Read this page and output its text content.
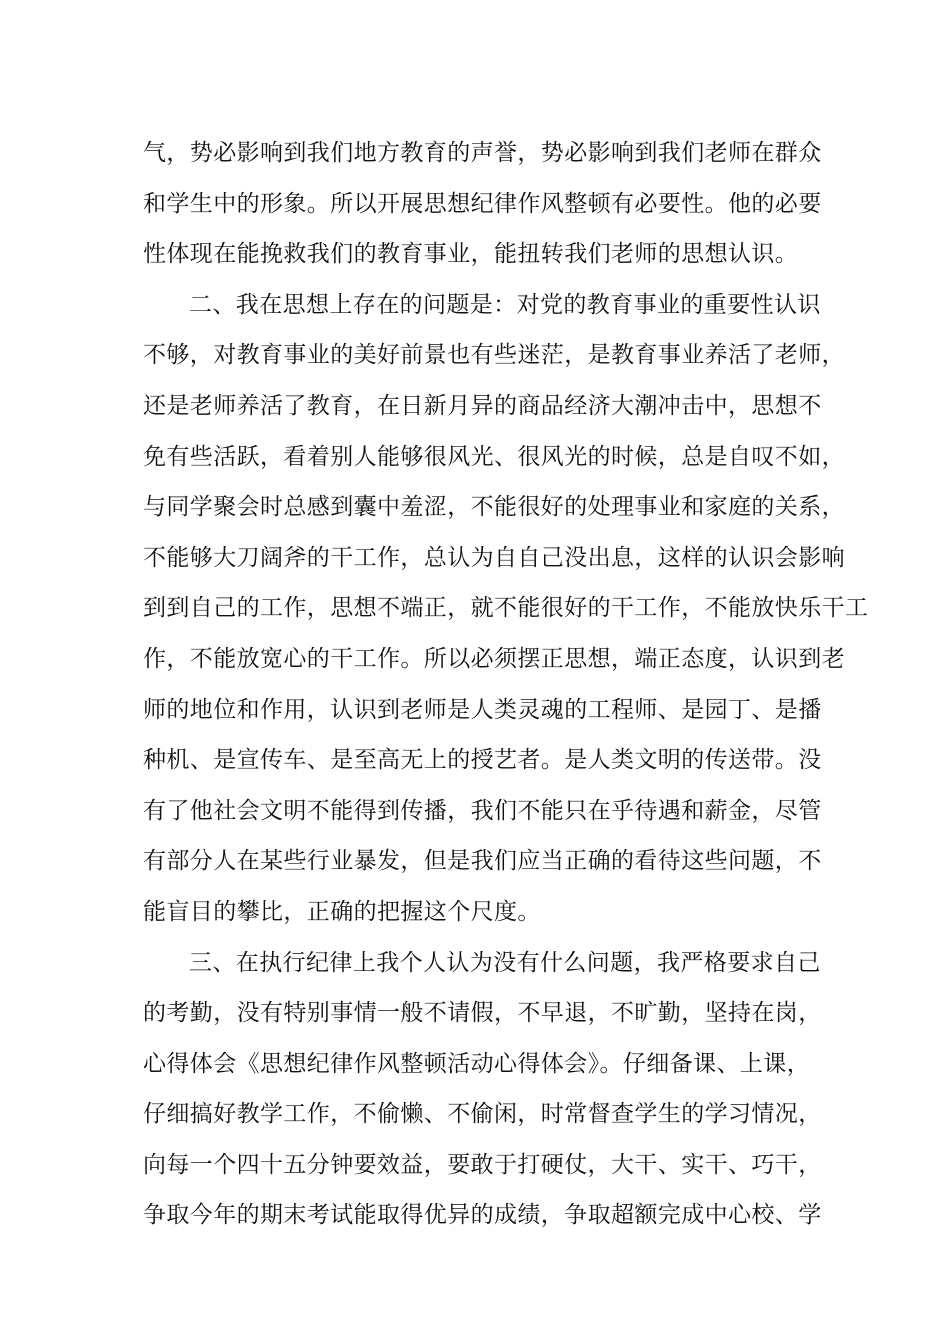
气，势必影响到我们地方教育的声誉，势必影响到我们老师在群众
和学生中的形象。所以开展思想纪律作风整顿有必要性。他的必要
性体现在能挽救我们的教育事业，能扭转我们老师的思想认识。
二、我在思想上存在的问题是：对党的教育事业的重要性认识
不够，对教育事业的美好前景也有些迷茫，是教育事业养活了老师，
还是老师养活了教育，在日新月异的商品经济大潮冲击中，思想不
免有些活跃，看着别人能够很风光、很风光的时候，总是自叹不如，
与同学聚会时总感到囊中羞涩，不能很好的处理事业和家庭的关系，
不能够大刀阔斧的干工作，总认为自自己没出息，这样的认识会影响
到到自己的工作，思想不端正，就不能很好的干工作，不能放快乐干工
作，不能放宽心的干工作。所以必须摆正思想，端正态度，认识到老
师的地位和作用，认识到老师是人类灵魂的工程师、是园丁、是播
种机、是宣传车、是至高无上的授艺者。是人类文明的传送带。没
有了他社会文明不能得到传播，我们不能只在乎待遇和薪金，尽管
有部分人在某些行业暴发，但是我们应当正确的看待这些问题，不
能盲目的攀比，正确的把握这个尺度。
三、在执行纪律上我个人认为没有什么问题，我严格要求自己
的考勤，没有特别事情一般不请假，不早退，不旷勤，坚持在岗，
心得体会《思想纪律作风整顿活动心得体会》。仔细备课、上课，
仔细搞好教学工作，不偷懒、不偷闲，时常督查学生的学习情况，
向每一个四十五分钟要效益，要敢于打硬仗，大干、实干、巧干，
争取今年的期末考试能取得优异的成绩，争取超额完成中心校、学
